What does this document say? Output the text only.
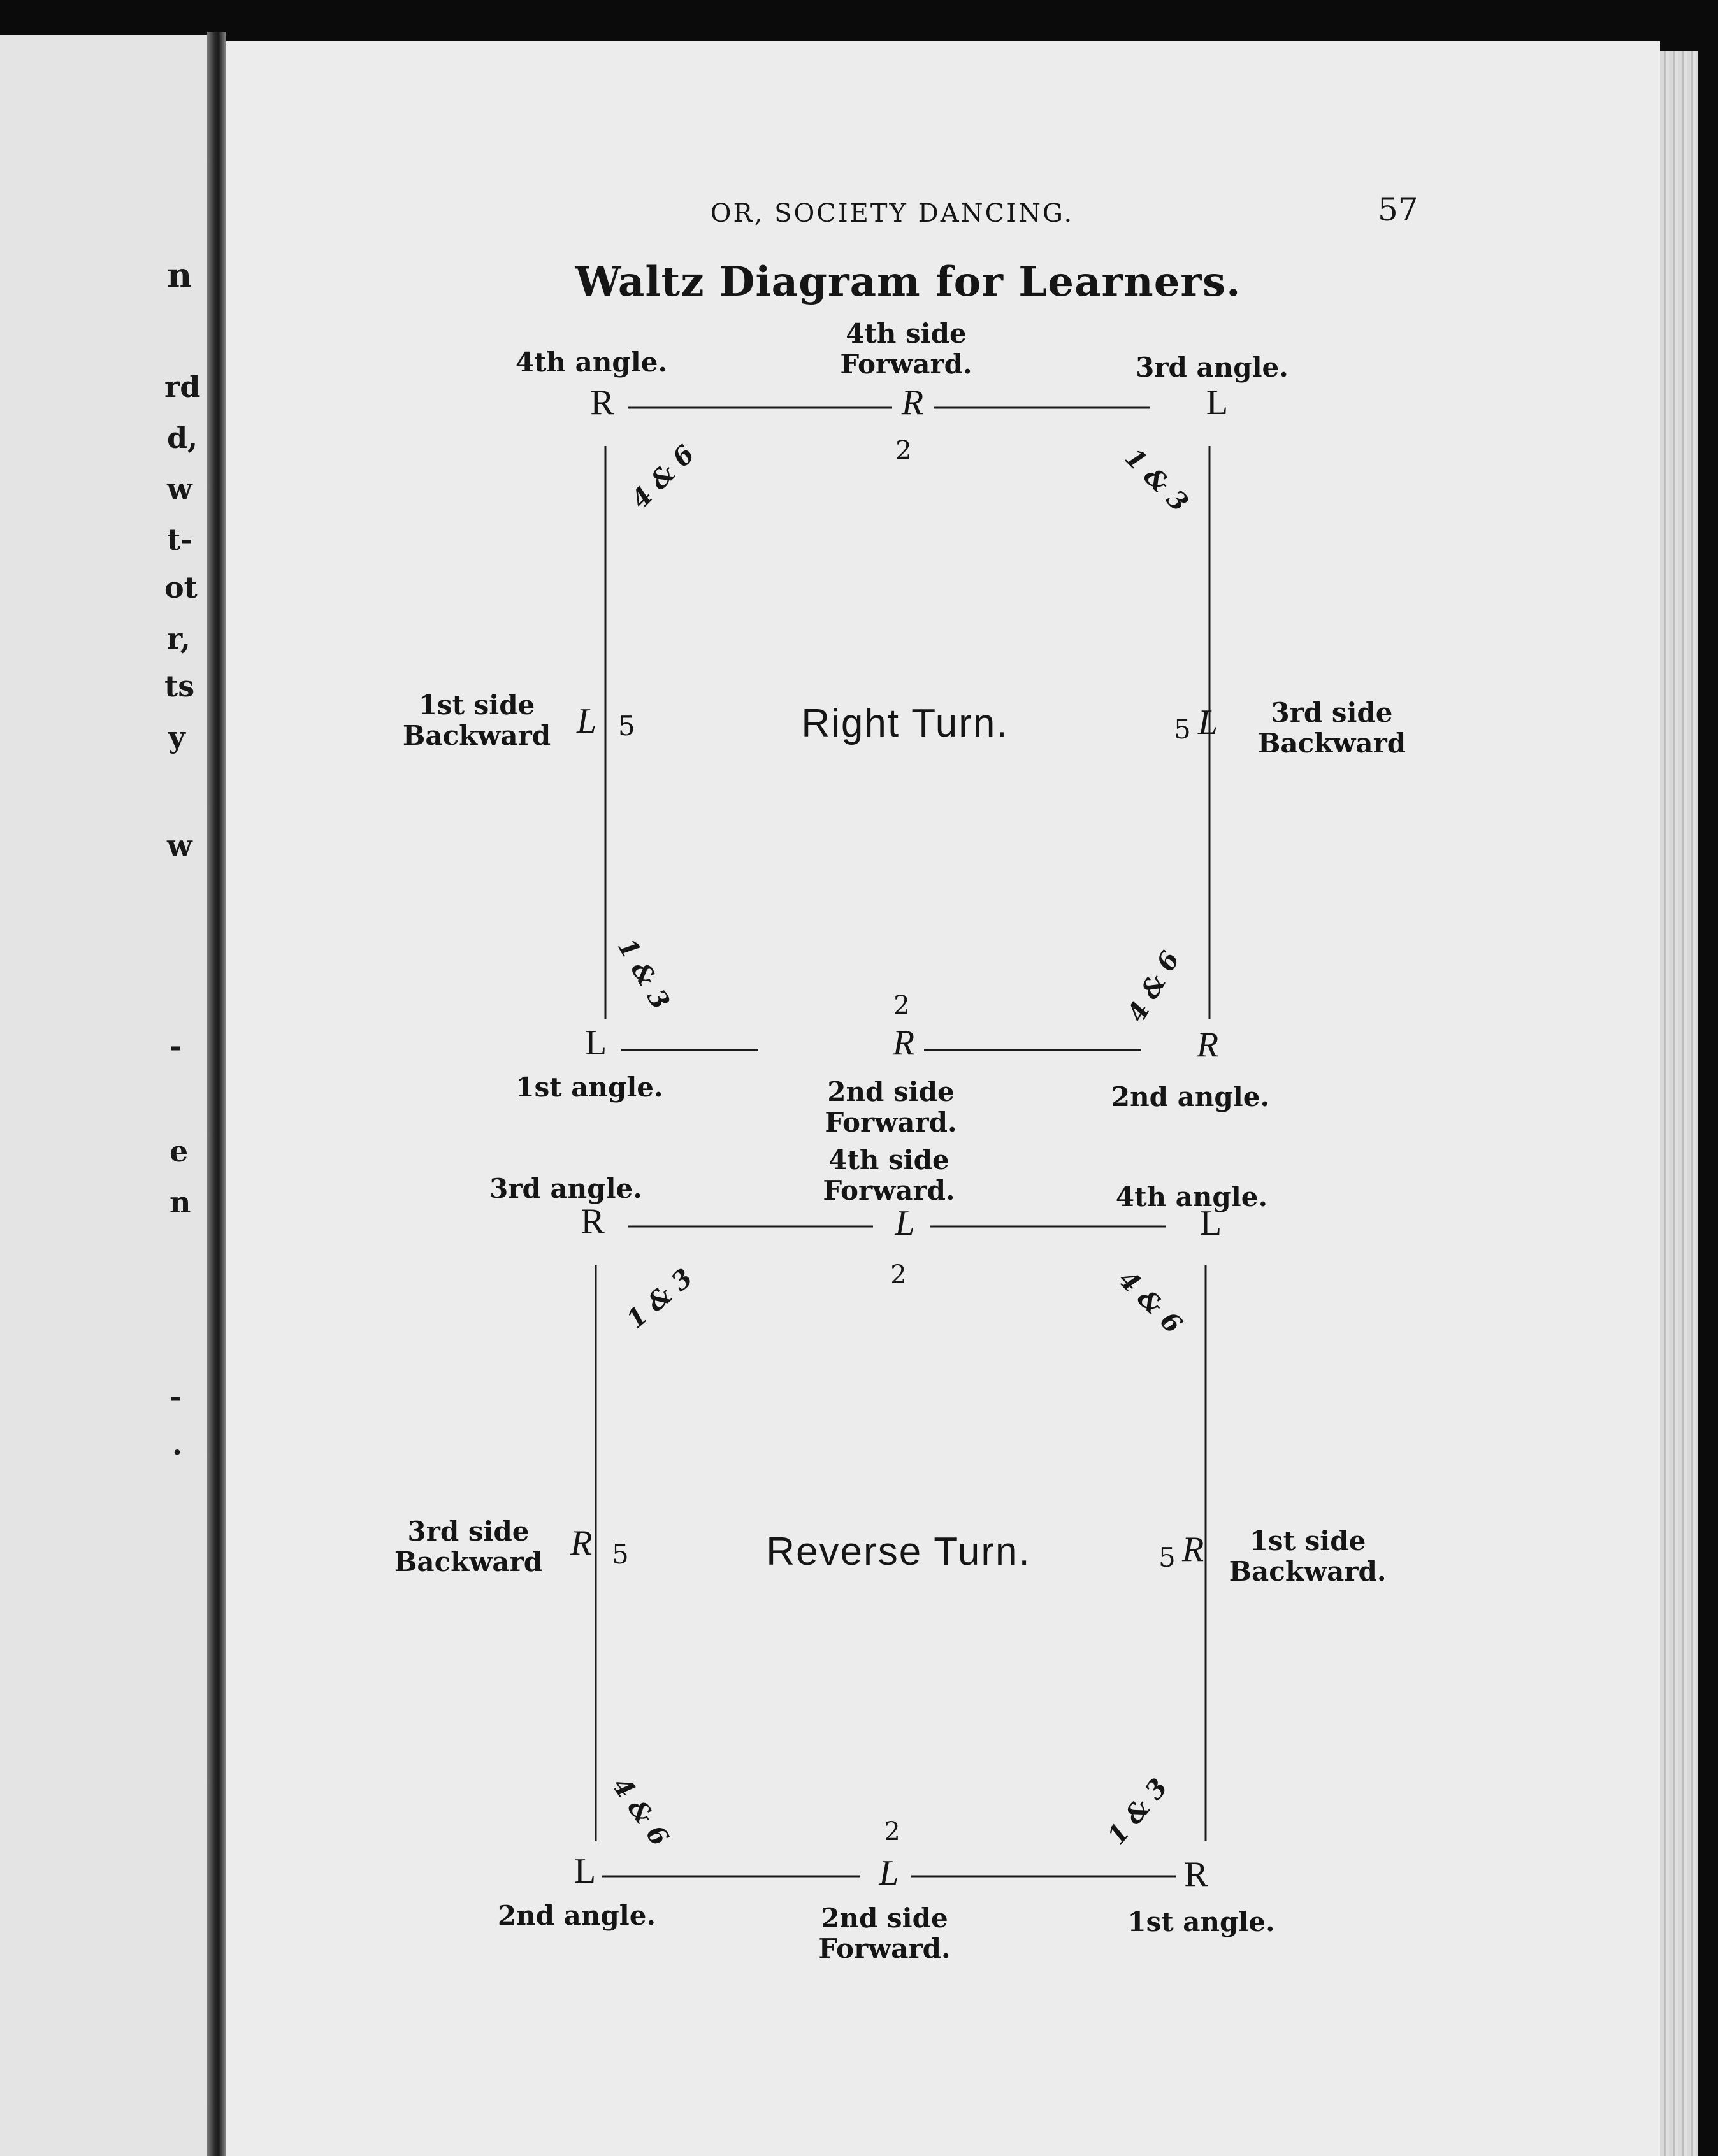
n
rd
d,
w
t-
ot
r,
ts
y
w
-
e
n
-
.
OR, SOCIETY DANCING.	57
Waltz Diagram for Learners.
4th angle.
4th side
Forward.	3rd angle.
R	R	L
2
4 & 6	1 & 3
1st side
Backward L 5	Right Turn.	5 L	3rd side
Backward
1 & 3	4 & 6
2
L	R	R
1st angle.	2nd side
Forward.
2nd angle.
3rd angle.
4th side
Forward.	4th angle.
R	L	L
2
1 & 3	4 & 6
3rd side
Backward R 5	Reverse Turn.	5 R	1st side
Backward.
4 & 6	1 & 3
2
L	L	R
2nd angle.	2nd side
Forward.
1st angle.
